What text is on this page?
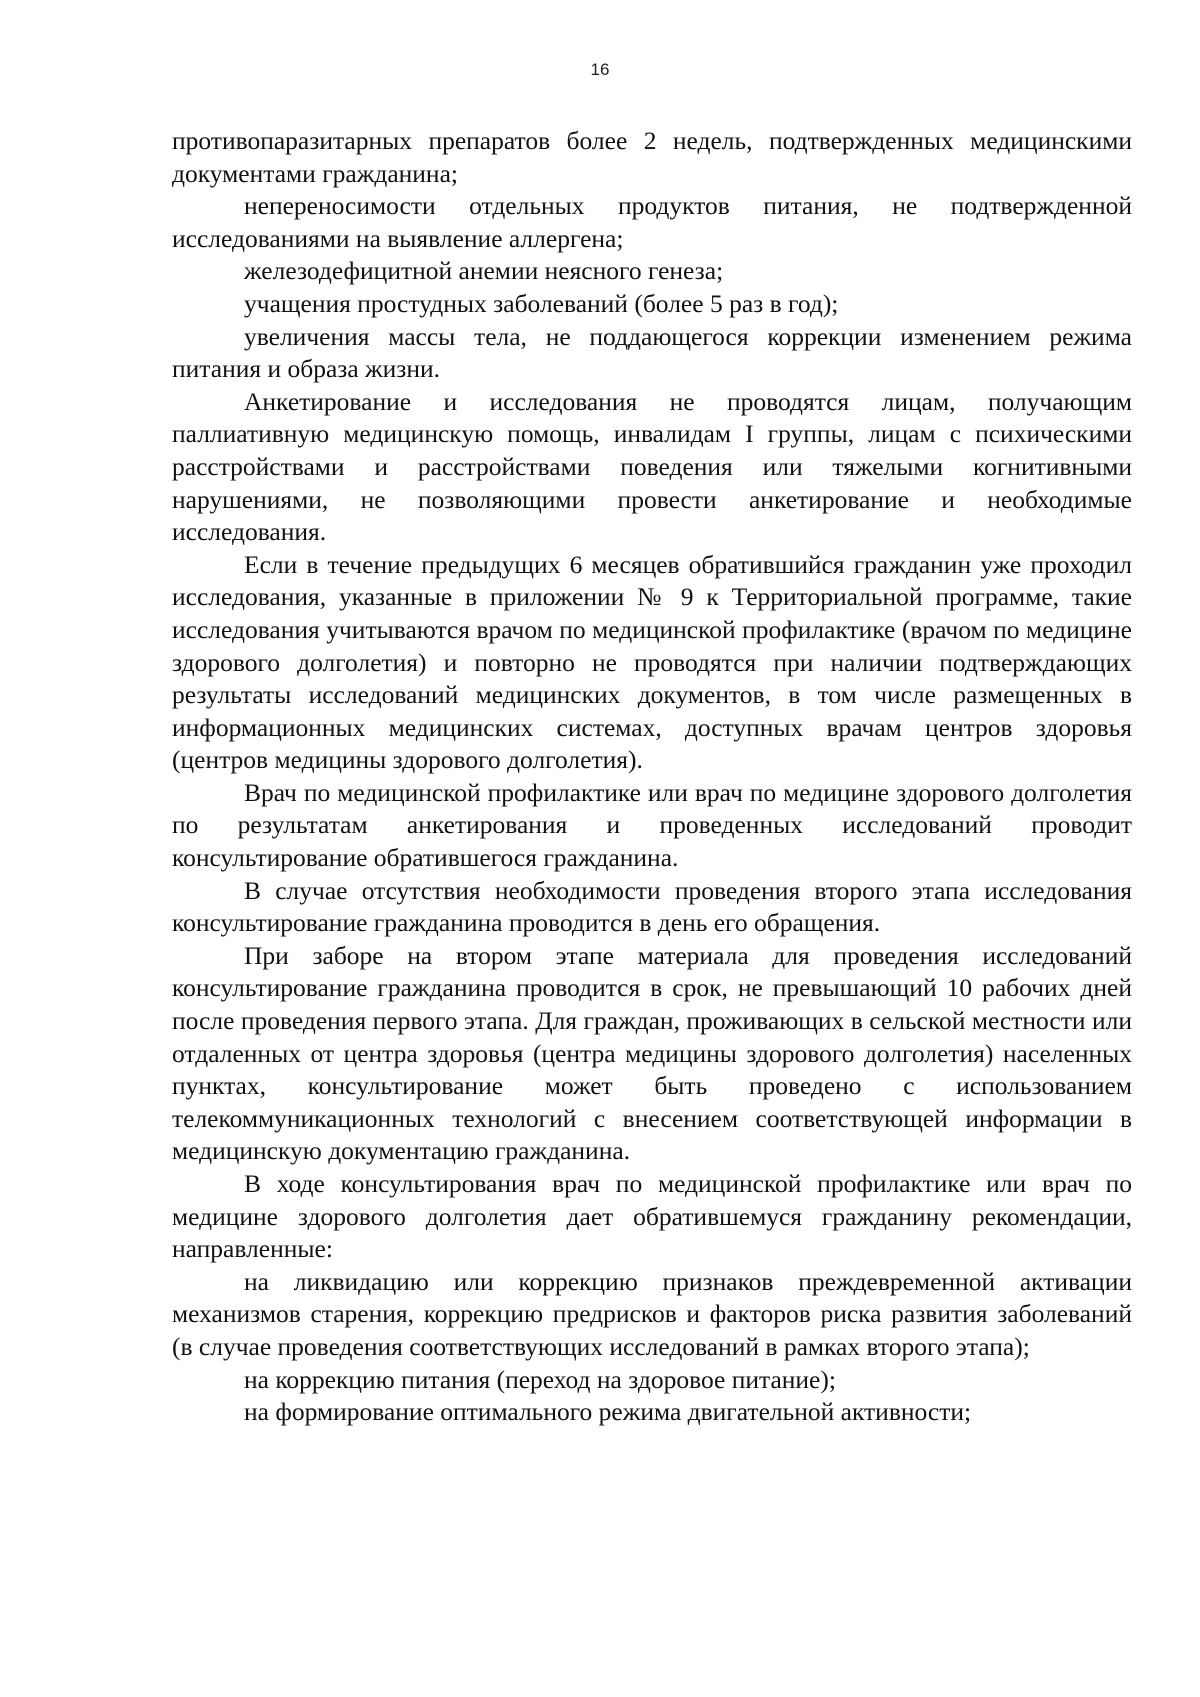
16

противопаразитарных препаратов более 2 недель, подтвержденных медицинскими документами гражданина;

непереносимости отдельных продуктов питания, не подтвержденной исследованиями на выявление аллергена;

железодефицитной анемии неясного генеза;

учащения простудных заболеваний (более 5 раз в год);

увеличения массы тела, не поддающегося коррекции изменением режима питания и образа жизни.

Анкетирование и исследования не проводятся лицам, получающим паллиативную медицинскую помощь, инвалидам I группы, лицам с психическими расстройствами и расстройствами поведения или тяжелыми когнитивными нарушениями, не позволяющими провести анкетирование и необходимые исследования.

Если в течение предыдущих 6 месяцев обратившийся гражданин уже проходил исследования, указанные в приложении № 9 к Территориальной программе, такие исследования учитываются врачом по медицинской профилактике (врачом по медицине здорового долголетия) и повторно не проводятся при наличии подтверждающих результаты исследований медицинских документов, в том числе размещенных в информационных медицинских системах, доступных врачам центров здоровья (центров медицины здорового долголетия).

Врач по медицинской профилактике или врач по медицине здорового долголетия по результатам анкетирования и проведенных исследований проводит консультирование обратившегося гражданина.

В случае отсутствия необходимости проведения второго этапа исследования консультирование гражданина проводится в день его обращения.

При заборе на втором этапе материала для проведения исследований консультирование гражданина проводится в срок, не превышающий 10 рабочих дней после проведения первого этапа. Для граждан, проживающих в сельской местности или отдаленных от центра здоровья (центра медицины здорового долголетия) населенных пунктах, консультирование может быть проведено с использованием телекоммуникационных технологий с внесением соответствующей информации в медицинскую документацию гражданина.

В ходе консультирования врач по медицинской профилактике или врач по медицине здорового долголетия дает обратившемуся гражданину рекомендации, направленные:

на ликвидацию или коррекцию признаков преждевременной активации механизмов старения, коррекцию предрисков и факторов риска развития заболеваний (в случае проведения соответствующих исследований в рамках второго этапа);

на коррекцию питания (переход на здоровое питание);

на формирование оптимального режима двигательной активности;
